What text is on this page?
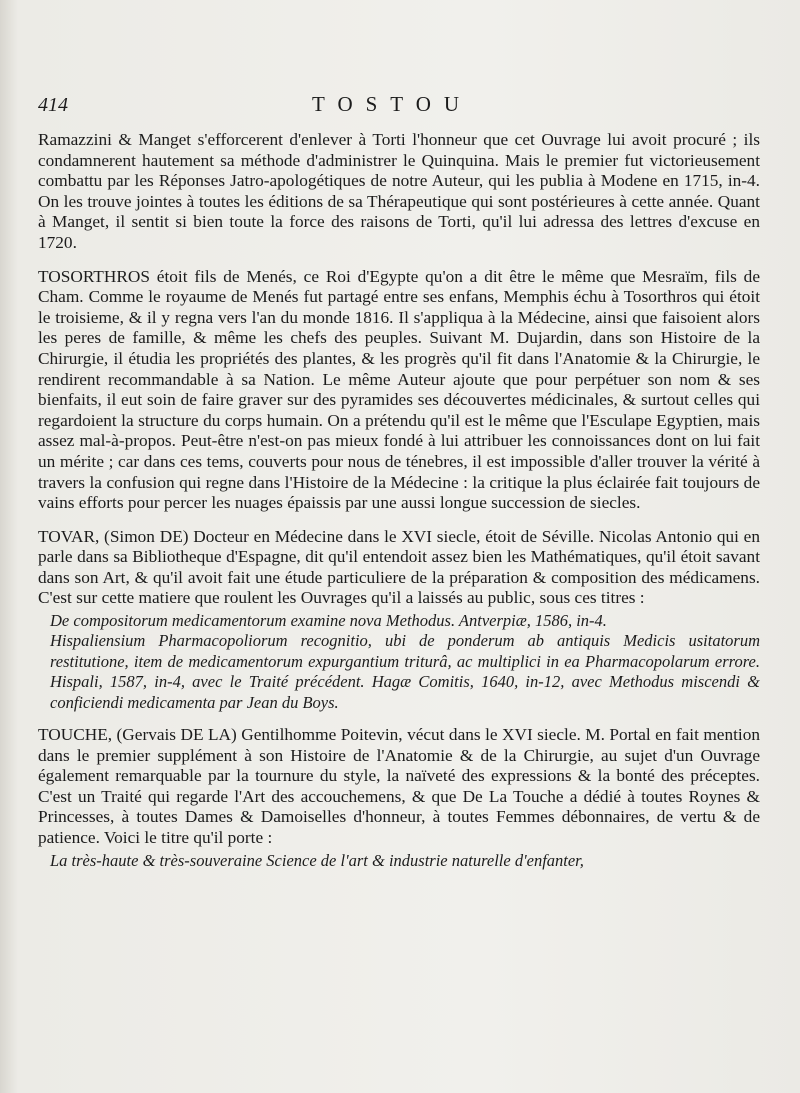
414	TOSTOU

Ramazzini & Manget s'efforcerent d'enlever à Torti l'honneur que cet Ouvrage lui avoit procuré ; ils condamnerent hautement sa méthode d'administrer le Quinquina. Mais le premier fut victorieusement combattu par les Réponses Jatro-apologétiques de notre Auteur, qui les publia à Modene en 1715, in-4. On les trouve jointes à toutes les éditions de sa Thérapeutique qui sont postérieures à cette année. Quant à Manget, il sentit si bien toute la force des raisons de Torti, qu'il lui adressa des lettres d'excuse en 1720.

TOSORTHROS étoit fils de Menés, ce Roi d'Egypte qu'on a dit être le même que Mesraïm, fils de Cham. Comme le royaume de Menés fut partagé entre ses enfans, Memphis échu à Tosorthros qui étoit le troisieme, & il y regna vers l'an du monde 1816. Il s'appliqua à la Médecine, ainsi que faisoient alors les peres de famille, & même les chefs des peuples. Suivant M. Dujardin, dans son Histoire de la Chirurgie, il étudia les propriétés des plantes, & les progrès qu'il fit dans l'Anatomie & la Chirurgie, le rendirent recommandable à sa Nation. Le même Auteur ajoute que pour perpétuer son nom & ses bienfaits, il eut soin de faire graver sur des pyramides ses découvertes médicinales, & surtout celles qui regardoient la structure du corps humain. On a prétendu qu'il est le même que l'Esculape Egyptien, mais assez mal-à-propos. Peut-être n'est-on pas mieux fondé à lui attribuer les connoissances dont on lui fait un mérite ; car dans ces tems, couverts pour nous de ténebres, il est impossible d'aller trouver la vérité à travers la confusion qui regne dans l'Histoire de la Médecine : la critique la plus éclairée fait toujours de vains efforts pour percer les nuages épaissis par une aussi longue succession de siecles.

TOVAR, (Simon DE) Docteur en Médecine dans le XVI siecle, étoit de Séville. Nicolas Antonio qui en parle dans sa Bibliotheque d'Espagne, dit qu'il entendoit assez bien les Mathématiques, qu'il étoit savant dans son Art, & qu'il avoit fait une étude particuliere de la préparation & composition des médicamens. C'est sur cette matiere que roulent les Ouvrages qu'il a laissés au public, sous ces titres :

De compositorum medicamentorum examine nova Methodus. Antverpiæ, 1586, in-4.
Hispaliensium Pharmacopoliorum recognitio, ubi de ponderum ab antiquis Medicis usitatorum restitutione, item de medicamentorum expurgantium triturâ, ac multiplici in ea Pharmacopolarum errore. Hispali, 1587, in-4, avec le Traité précédent. Hagæ Comitis, 1640, in-12, avec Methodus miscendi & conficiendi medicamenta par Jean du Boys.

TOUCHE, (Gervais DE LA) Gentilhomme Poitevin, vécut dans le XVI siecle. M. Portal en fait mention dans le premier supplément à son Histoire de l'Anatomie & de la Chirurgie, au sujet d'un Ouvrage également remarquable par la tournure du style, la naïveté des expressions & la bonté des préceptes. C'est un Traité qui regarde l'Art des accouchemens, & que De La Touche a dédié à toutes Roynes & Princesses, à toutes Dames & Damoiselles d'honneur, à toutes Femmes débonnaires, de vertu & de patience. Voici le titre qu'il porte :

La très-haute & très-souveraine Science de l'art & industrie naturelle d'enfanter,
